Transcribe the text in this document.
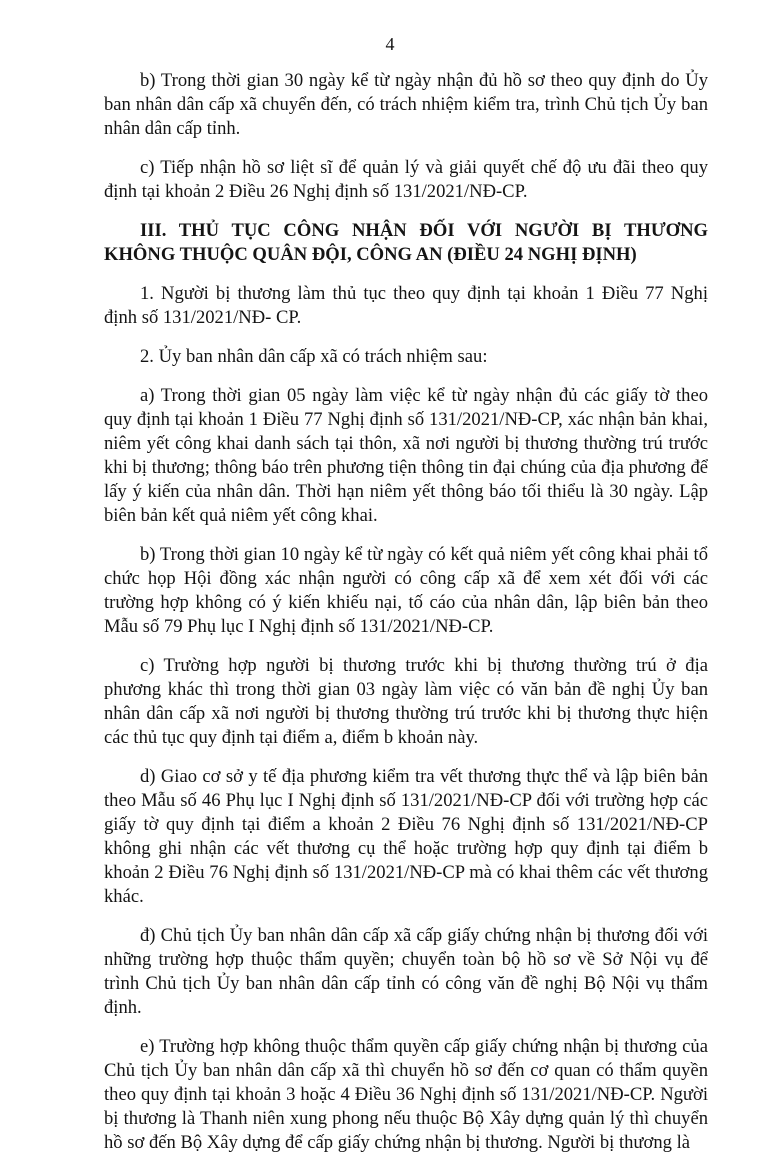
4

b) Trong thời gian 30 ngày kể từ ngày nhận đủ hồ sơ theo quy định do Ủy ban nhân dân cấp xã chuyển đến, có trách nhiệm kiểm tra, trình Chủ tịch Ủy ban nhân dân cấp tỉnh.

c) Tiếp nhận hồ sơ liệt sĩ để quản lý và giải quyết chế độ ưu đãi theo quy định tại khoản 2 Điều 26 Nghị định số 131/2021/NĐ-CP.

III. THỦ TỤC CÔNG NHẬN ĐỐI VỚI NGƯỜI BỊ THƯƠNG KHÔNG THUỘC QUÂN ĐỘI, CÔNG AN (ĐIỀU 24 NGHỊ ĐỊNH)

1. Người bị thương làm thủ tục theo quy định tại khoản 1 Điều 77 Nghị định số 131/2021/NĐ- CP.

2. Ủy ban nhân dân cấp xã có trách nhiệm sau:

a) Trong thời gian 05 ngày làm việc kể từ ngày nhận đủ các giấy tờ theo quy định tại khoản 1 Điều 77 Nghị định số 131/2021/NĐ-CP, xác nhận bản khai, niêm yết công khai danh sách tại thôn, xã nơi người bị thương thường trú trước khi bị thương; thông báo trên phương tiện thông tin đại chúng của địa phương để lấy ý kiến của nhân dân. Thời hạn niêm yết thông báo tối thiểu là 30 ngày. Lập biên bản kết quả niêm yết công khai.

b) Trong thời gian 10 ngày kể từ ngày có kết quả niêm yết công khai phải tổ chức họp Hội đồng xác nhận người có công cấp xã để xem xét đối với các trường hợp không có ý kiến khiếu nại, tố cáo của nhân dân, lập biên bản theo Mẫu số 79 Phụ lục I Nghị định số 131/2021/NĐ-CP.

c) Trường hợp người bị thương trước khi bị thương thường trú ở địa phương khác thì trong thời gian 03 ngày làm việc có văn bản đề nghị Ủy ban nhân dân cấp xã nơi người bị thương thường trú trước khi bị thương thực hiện các thủ tục quy định tại điểm a, điểm b khoản này.

d) Giao cơ sở y tế địa phương kiểm tra vết thương thực thể và lập biên bản theo Mẫu số 46 Phụ lục I Nghị định số 131/2021/NĐ-CP đối với trường hợp các giấy tờ quy định tại điểm a khoản 2 Điều 76 Nghị định số 131/2021/NĐ-CP không ghi nhận các vết thương cụ thể hoặc trường hợp quy định tại điểm b khoản 2 Điều 76 Nghị định số 131/2021/NĐ-CP mà có khai thêm các vết thương khác.

đ) Chủ tịch Ủy ban nhân dân cấp xã cấp giấy chứng nhận bị thương đối với những trường hợp thuộc thẩm quyền; chuyển toàn bộ hồ sơ về Sở Nội vụ để trình Chủ tịch Ủy ban nhân dân cấp tỉnh có công văn đề nghị Bộ Nội vụ thẩm định.

e) Trường hợp không thuộc thẩm quyền cấp giấy chứng nhận bị thương của Chủ tịch Ủy ban nhân dân cấp xã thì chuyển hồ sơ đến cơ quan có thẩm quyền theo quy định tại khoản 3 hoặc 4 Điều 36 Nghị định số 131/2021/NĐ-CP. Người bị thương là Thanh niên xung phong nếu thuộc Bộ Xây dựng quản lý thì chuyển hồ sơ đến Bộ Xây dựng để cấp giấy chứng nhận bị thương. Người bị thương là
